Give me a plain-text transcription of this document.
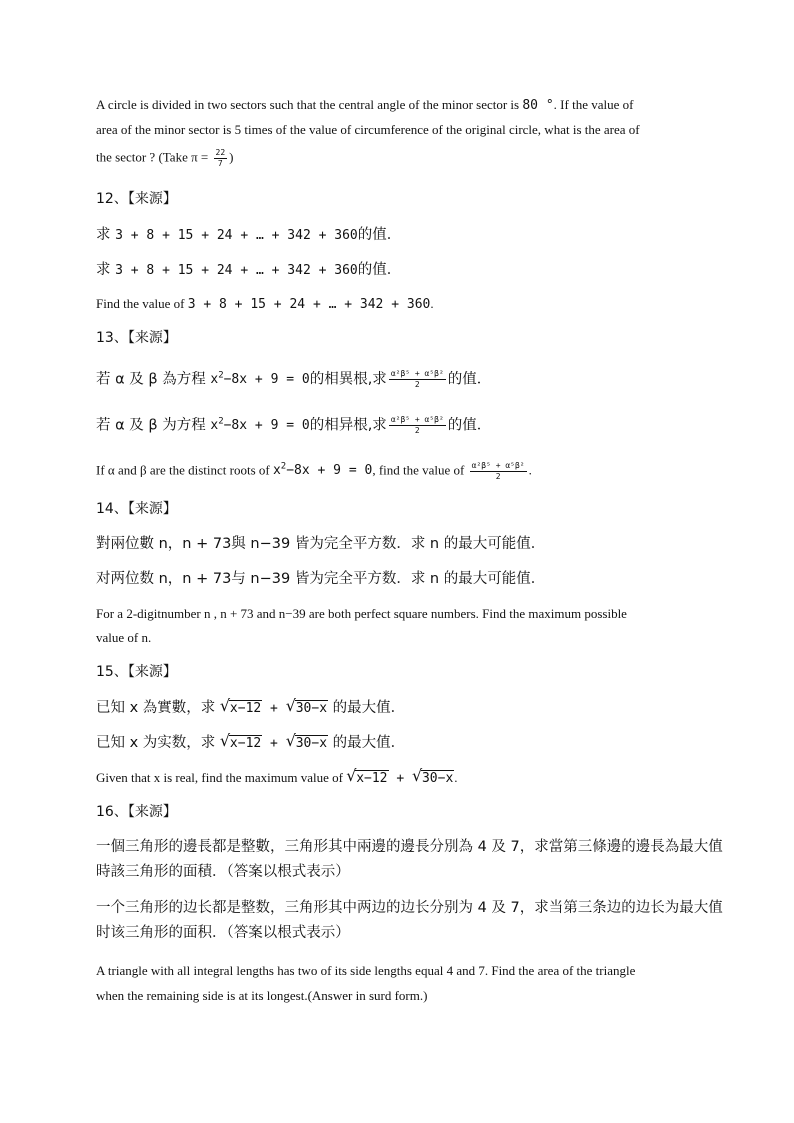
A circle is divided in two sectors such that the central angle of the minor sector is 80 °. If the value of
area of the minor sector is 5 times of the value of circumference of the original circle, what is the area of
the sector ? (Take $\pi = \frac{22}{7}$ )
12、【来源】
求 3 + 8 + 15 + 24 + … + 342 + 360的值．
求 3 + 8 + 15 + 24 + … + 342 + 360的值．
Find the value of 3 + 8 + 15 + 24 + … + 342 + 360.
13、【来源】
若 α 及 β 為方程 $x^2-8x + 9 = 0$的相異根,求 $\frac{\text{α²β⁵ + α⁵β²}}{2}$ 的值．
若 α 及 β 为方程 $x^2-8x + 9 = 0$的相异根,求 $\frac{\text{α²β⁵ + α⁵β²}}{2}$ 的值．
If α and β are the distinct roots of $x^2-8x + 9 = 0$, find the value of $\frac{\text{α²β⁵ + α⁵β²}}{2}$ .
14、【来源】
對兩位數 n，n + 73與 n−39 皆为完全平方数．求 n 的最大可能值．
对两位数 n，n + 73与 n−39 皆为完全平方数．求 n 的最大可能值．
For a 2-digitnumber n , n + 73 and n−39 are both perfect square numbers. Find the maximum possible
value of n.
15、【来源】
已知 x 為實數，求 √ x−12 + √ 30−x 的最大值．
已知 x 为实数，求 √ x−12 + √ 30−x 的最大值．
Given that x is real, find the maximum value of √ x−12 + √ 30−x.
16、【来源】
一個三角形的邊長都是整數，三角形其中兩邊的邊長分別為 4 及 7，求當第三條邊的邊長為最大值
時該三角形的面積．（答案以根式表示）
一个三角形的边长都是整数，三角形其中两边的边长分别为 4 及 7，求当第三条边的边长为最大值
时该三角形的面积．（答案以根式表示）
A triangle with all integral lengths has two of its side lengths equal 4 and 7. Find the area of the triangle
when the remaining side is at its longest.(Answer in surd form.)
